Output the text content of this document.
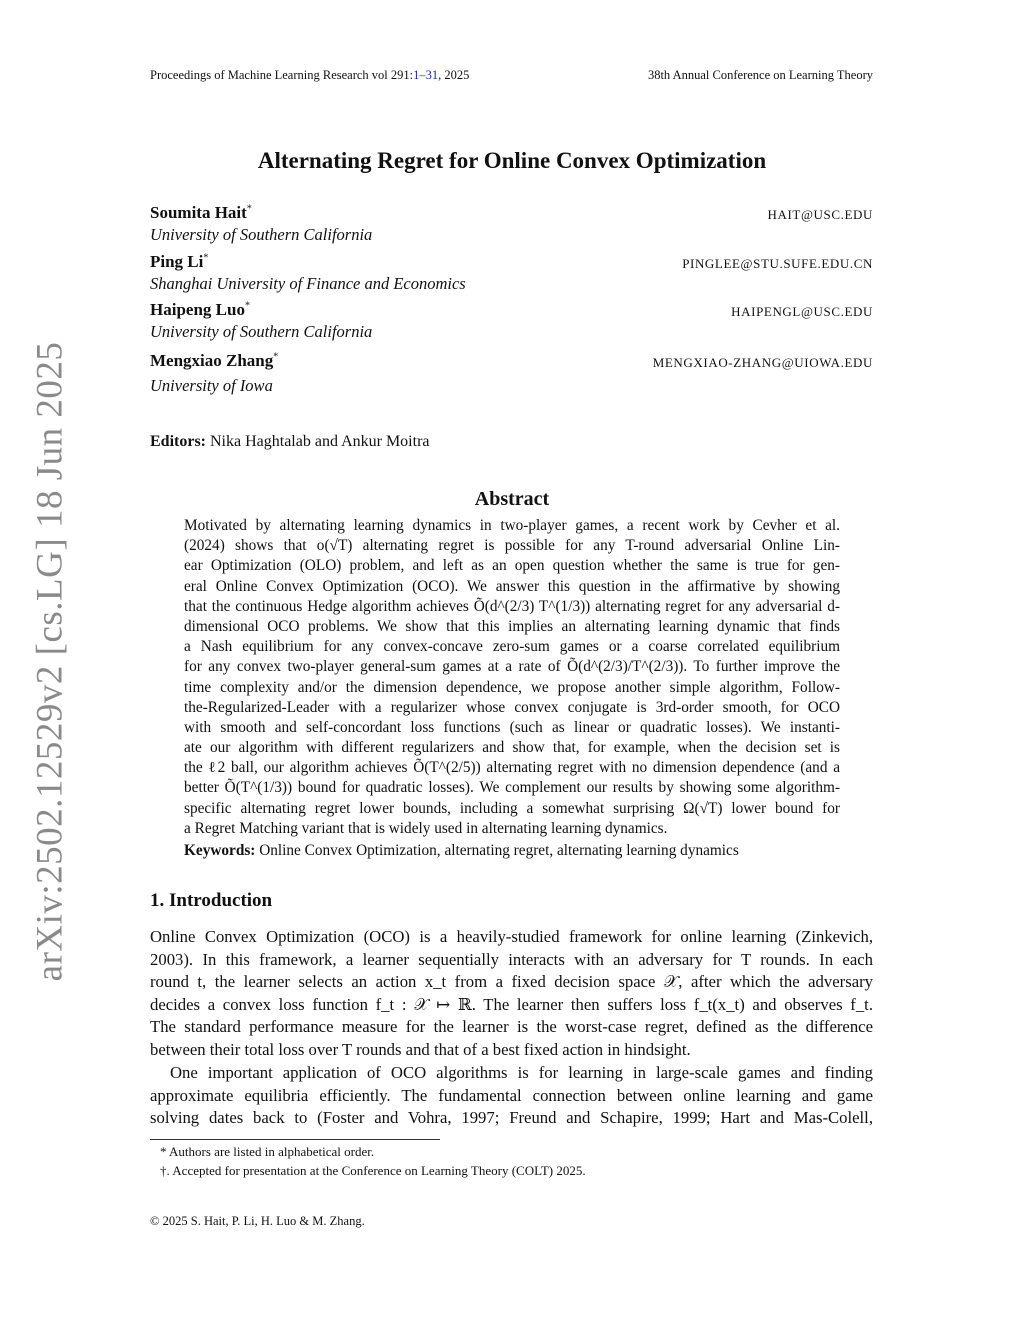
Proceedings of Machine Learning Research vol 291:1–31, 2025	38th Annual Conference on Learning Theory
arXiv:2502.12529v2 [cs.LG] 18 Jun 2025
Alternating Regret for Online Convex Optimization
Soumita Hait*	HAIT@USC.EDU
University of Southern California
Ping Li*	PINGLEE@STU.SUFE.EDU.CN
Shanghai University of Finance and Economics
Haipeng Luo*	HAIPENGL@USC.EDU
University of Southern California
Mengxiao Zhang*	MENGXIAO-ZHANG@UIOWA.EDU
University of Iowa
Editors: Nika Haghtalab and Ankur Moitra
Abstract
Motivated by alternating learning dynamics in two-player games, a recent work by Cevher et al.
(2024) shows that o(√T) alternating regret is possible for any T-round adversarial Online Lin-
ear Optimization (OLO) problem, and left as an open question whether the same is true for gen-
eral Online Convex Optimization (OCO). We answer this question in the affirmative by showing
that the continuous Hedge algorithm achieves Õ(d^(2/3) T^(1/3)) alternating regret for any adversarial d-
dimensional OCO problems. We show that this implies an alternating learning dynamic that finds
a Nash equilibrium for any convex-concave zero-sum games or a coarse correlated equilibrium
for any convex two-player general-sum games at a rate of Õ(d^(2/3)/T^(2/3)). To further improve the
time complexity and/or the dimension dependence, we propose another simple algorithm, Follow-
the-Regularized-Leader with a regularizer whose convex conjugate is 3rd-order smooth, for OCO
with smooth and self-concordant loss functions (such as linear or quadratic losses). We instanti-
ate our algorithm with different regularizers and show that, for example, when the decision set is
the ℓ2 ball, our algorithm achieves Õ(T^(2/5)) alternating regret with no dimension dependence (and a
better Õ(T^(1/3)) bound for quadratic losses). We complement our results by showing some algorithm-
specific alternating regret lower bounds, including a somewhat surprising Ω(√T) lower bound for
a Regret Matching variant that is widely used in alternating learning dynamics.
Keywords: Online Convex Optimization, alternating regret, alternating learning dynamics
1. Introduction
Online Convex Optimization (OCO) is a heavily-studied framework for online learning (Zinkevich,
2003). In this framework, a learner sequentially interacts with an adversary for T rounds. In each
round t, the learner selects an action x_t from a fixed decision space 𝒳, after which the adversary
decides a convex loss function f_t : 𝒳 ↦ ℝ. The learner then suffers loss f_t(x_t) and observes f_t.
The standard performance measure for the learner is the worst-case regret, defined as the difference
between their total loss over T rounds and that of a best fixed action in hindsight.
One important application of OCO algorithms is for learning in large-scale games and finding
approximate equilibria efficiently. The fundamental connection between online learning and game
solving dates back to (Foster and Vohra, 1997; Freund and Schapire, 1999; Hart and Mas-Colell,
* Authors are listed in alphabetical order.
†. Accepted for presentation at the Conference on Learning Theory (COLT) 2025.
© 2025 S. Hait, P. Li, H. Luo & M. Zhang.
